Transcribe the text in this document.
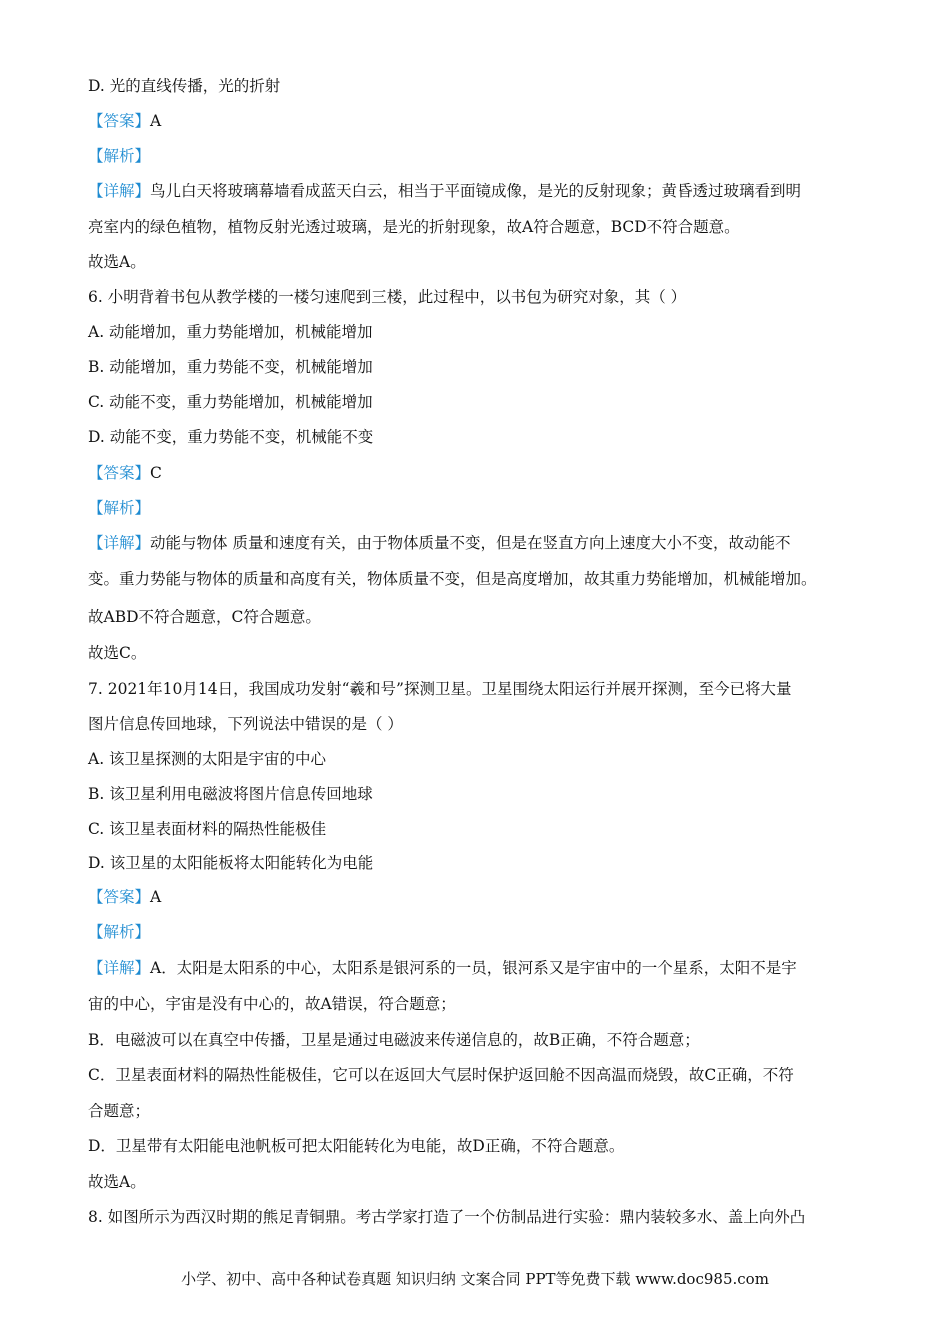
D. 光的直线传播，光的折射
【答案】A
【解析】
【详解】鸟儿白天将玻璃幕墙看成蓝天白云，相当于平面镜成像，是光的反射现象；黄昏透过玻璃看到明
亮室内的绿色植物，植物反射光透过玻璃，是光的折射现象，故A符合题意，BCD不符合题意。
故选A。
6. 小明背着书包从教学楼的一楼匀速爬到三楼，此过程中，以书包为研究对象，其（ ）
A. 动能增加，重力势能增加，机械能增加
B. 动能增加，重力势能不变，机械能增加
C. 动能不变，重力势能增加，机械能增加
D. 动能不变，重力势能不变，机械能不变
【答案】C
【解析】
【详解】动能与物体 质量和速度有关，由于物体质量不变，但是在竖直方向上速度大小不变，故动能不
变。重力势能与物体的质量和高度有关，物体质量不变，但是高度增加，故其重力势能增加，机械能增加。
故ABD不符合题意，C符合题意。
故选C。
7. 2021年10月14日，我国成功发射“羲和号”探测卫星。卫星围绕太阳运行并展开探测，至今已将大量
图片信息传回地球，下列说法中错误的是（ ）
A. 该卫星探测的太阳是宇宙的中心
B. 该卫星利用电磁波将图片信息传回地球
C. 该卫星表面材料的隔热性能极佳
D. 该卫星的太阳能板将太阳能转化为电能
【答案】A
【解析】
【详解】A．太阳是太阳系的中心，太阳系是银河系的一员，银河系又是宇宙中的一个星系，太阳不是宇
宙的中心，宇宙是没有中心的，故A错误，符合题意；
B．电磁波可以在真空中传播，卫星是通过电磁波来传递信息的，故B正确，不符合题意；
C．卫星表面材料的隔热性能极佳，它可以在返回大气层时保护返回舱不因高温而烧毁，故C正确，不符
合题意；
D．卫星带有太阳能电池帆板可把太阳能转化为电能，故D正确，不符合题意。
故选A。
8. 如图所示为西汉时期的熊足青铜鼎。考古学家打造了一个仿制品进行实验：鼎内装较多水、盖上向外凸
小学、初中、高中各种试卷真题 知识归纳 文案合同 PPT等免费下载 www.doc985.com
